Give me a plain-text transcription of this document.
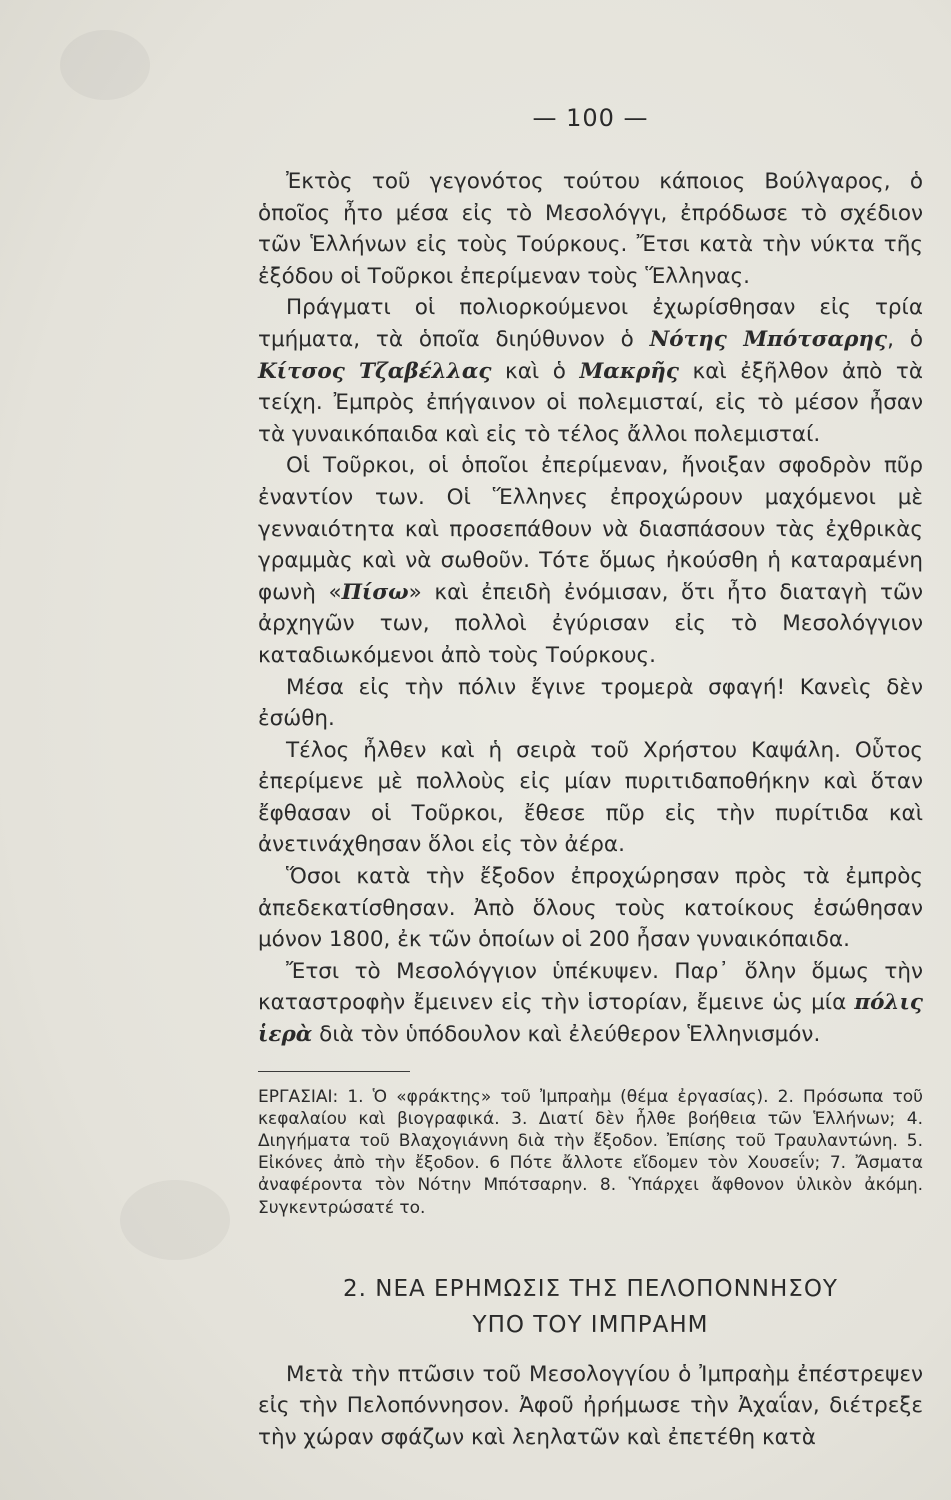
— 100 —

Ἐκτὸς τοῦ γεγονότος τούτου κάποιος Βούλγαρος, ὁ ὁποῖος ἦτο μέσα εἰς τὸ Μεσολόγγι, ἐπρόδωσε τὸ σχέδιον τῶν Ἑλλήνων εἰς τοὺς Τούρκους. Ἔτσι κατὰ τὴν νύκτα τῆς ἐξόδου οἱ Τοῦρκοι ἐπερίμεναν τοὺς Ἕλληνας.

Πράγματι οἱ πολιορκούμενοι ἐχωρίσθησαν εἰς τρία τμήματα, τὰ ὁποῖα διηύθυνον ὁ Νότης Μπότσαρης, ὁ Κίτσος Τζαβέλλας καὶ ὁ Μακρῆς καὶ ἐξῆλθον ἀπὸ τὰ τείχη. Ἐμπρὸς ἐπήγαινον οἱ πολεμισταί, εἰς τὸ μέσον ἦσαν τὰ γυναικόπαιδα καὶ εἰς τὸ τέλος ἄλλοι πολεμισταί.

Οἱ Τοῦρκοι, οἱ ὁποῖοι ἐπερίμεναν, ἤνοιξαν σφοδρὸν πῦρ ἐναντίον των. Οἱ Ἕλληνες ἐπροχώρουν μαχόμενοι μὲ γενναιότητα καὶ προσεπάθουν νὰ διασπάσουν τὰς ἐχθρικὰς γραμμὰς καὶ νὰ σωθοῦν. Τότε ὅμως ἠκούσθη ἡ καταραμένη φωνὴ «Πίσω» καὶ ἐπειδὴ ἐνόμισαν, ὅτι ἦτο διαταγὴ τῶν ἀρχηγῶν των, πολλοὶ ἐγύρισαν εἰς τὸ Μεσολόγγιον καταδιωκόμενοι ἀπὸ τοὺς Τούρκους.

Μέσα εἰς τὴν πόλιν ἔγινε τρομερὰ σφαγή! Κανεὶς δὲν ἐσώθη.

Τέλος ἦλθεν καὶ ἡ σειρὰ τοῦ Χρήστου Καψάλη. Οὗτος ἐπερίμενε μὲ πολλοὺς εἰς μίαν πυριτιδαποθήκην καὶ ὅταν ἔφθασαν οἱ Τοῦρκοι, ἔθεσε πῦρ εἰς τὴν πυρίτιδα καὶ ἀνετινάχθησαν ὅλοι εἰς τὸν ἀέρα.

Ὅσοι κατὰ τὴν ἔξοδον ἐπροχώρησαν πρὸς τὰ ἐμπρὸς ἀπεδεκατίσθησαν. Ἀπὸ ὅλους τοὺς κατοίκους ἐσώθησαν μόνον 1800, ἐκ τῶν ὁποίων οἱ 200 ἦσαν γυναικόπαιδα.

Ἔτσι τὸ Μεσολόγγιον ὑπέκυψεν. Παρ᾽ ὅλην ὅμως τὴν καταστροφὴν ἔμεινεν εἰς τὴν ἱστορίαν, ἔμεινε ὡς μία πόλις ἱερὰ διὰ τὸν ὑπόδουλον καὶ ἐλεύθερον Ἑλληνισμόν.

ΕΡΓΑΣΙΑΙ: 1. Ὁ «φράκτης» τοῦ Ἰμπραὴμ (θέμα ἐργασίας). 2. Πρόσωπα τοῦ κεφαλαίου καὶ βιογραφικά. 3. Διατί δὲν ἦλθε βοήθεια τῶν Ἑλλήνων; 4. Διηγήματα τοῦ Βλαχογιάννη διὰ τὴν ἔξοδον. Ἐπίσης τοῦ Τραυλαντώνη. 5. Εἰκόνες ἀπὸ τὴν ἔξοδον. 6 Πότε ἄλλοτε εἴδομεν τὸν Χουσεΐν; 7. Ἄσματα ἀναφέροντα τὸν Νότην Μπότσαρην. 8. Ὑπάρχει ἄφθονον ὑλικὸν ἀκόμη. Συγκεντρώσατέ το.

2. ΝΕΑ ΕΡΗΜΩΣΙΣ ΤΗΣ ΠΕΛΟΠΟΝΝΗΣΟΥ
ΥΠΟ ΤΟΥ ΙΜΠΡΑΗΜ

Μετὰ τὴν πτῶσιν τοῦ Μεσολογγίου ὁ Ἰμπραὴμ ἐπέστρεψεν εἰς τὴν Πελοπόννησον. Ἀφοῦ ἠρήμωσε τὴν Ἀχαΐαν, διέτρεξε τὴν χώραν σφάζων καὶ λεηλατῶν καὶ ἐπετέθη κατὰ
